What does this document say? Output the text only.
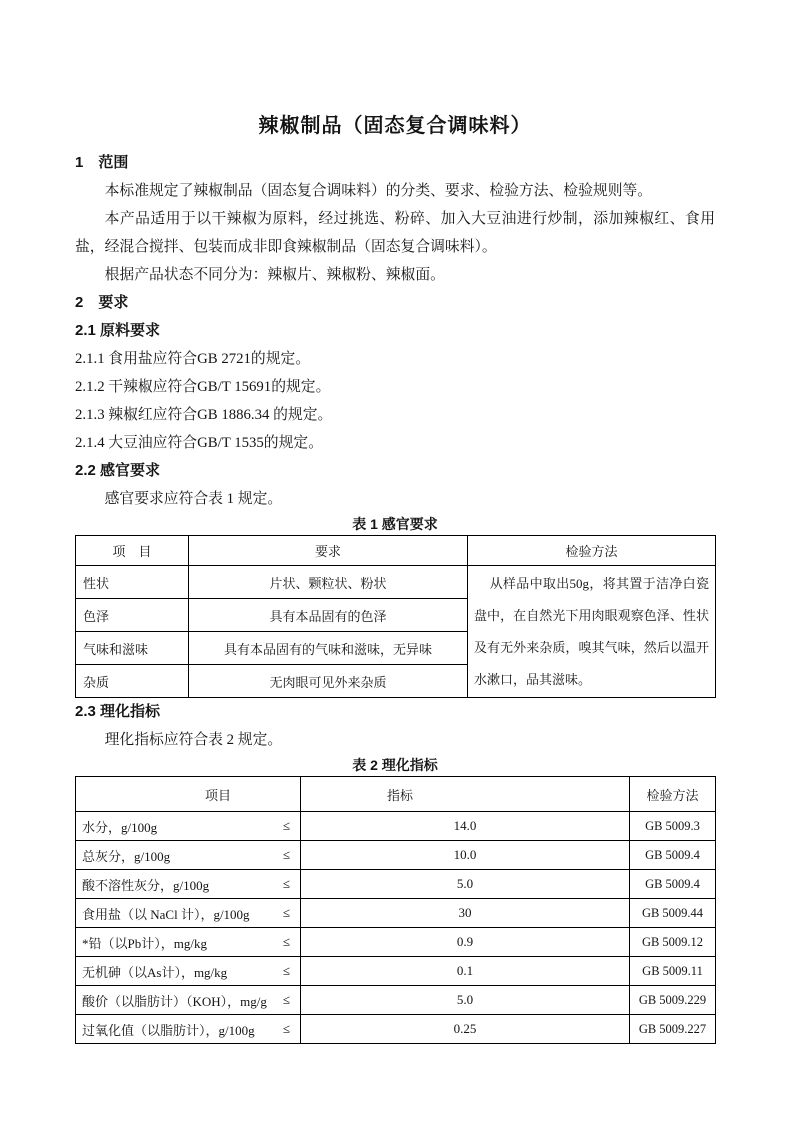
辣椒制品（固态复合调味料）

1　范围

本标准规定了辣椒制品（固态复合调味料）的分类、要求、检验方法、检验规则等。

本产品适用于以干辣椒为原料，经过挑选、粉碎、加入大豆油进行炒制，添加辣椒红、食用盐，经混合搅拌、包装而成非即食辣椒制品（固态复合调味料）。

根据产品状态不同分为：辣椒片、辣椒粉、辣椒面。

2　要求

2.1 原料要求

2.1.1 食用盐应符合GB 2721的规定。

2.1.2 干辣椒应符合GB/T 15691的规定。

2.1.3 辣椒红应符合GB 1886.34 的规定。

2.1.4 大豆油应符合GB/T 1535的规定。

2.2 感官要求

感官要求应符合表 1 规定。

表 1 感官要求

项　目	要求	检验方法
性状	片状、颗粒状、粉状	从样品中取出50g，将其置于洁净白瓷盘中，在自然光下用肉眼观察色泽、性状及有无外来杂质，嗅其气味，然后以温开水漱口，品其滋味。
色泽	具有本品固有的色泽	
气味和滋味	具有本品固有的气味和滋味，无异味	
杂质	无肉眼可见外来杂质	

2.3 理化指标

理化指标应符合表 2 规定。

表 2 理化指标

项目	指标	检验方法

水分，g/100g ≤	14.0	GB 5009.3

总灰分，g/100g ≤	10.0	GB 5009.4

酸不溶性灰分，g/100g ≤	5.0	GB 5009.4

食用盐（以 NaCl 计），g/100g ≤	30	GB 5009.44

*铅（以Pb计），mg/kg ≤	0.9	GB 5009.12

无机砷（以As计），mg/kg ≤	0.1	GB 5009.11

酸价（以脂肪计）（KOH），mg/g ≤	5.0	GB 5009.229

过氧化值（以脂肪计），g/100g ≤	0.25	GB 5009.227
